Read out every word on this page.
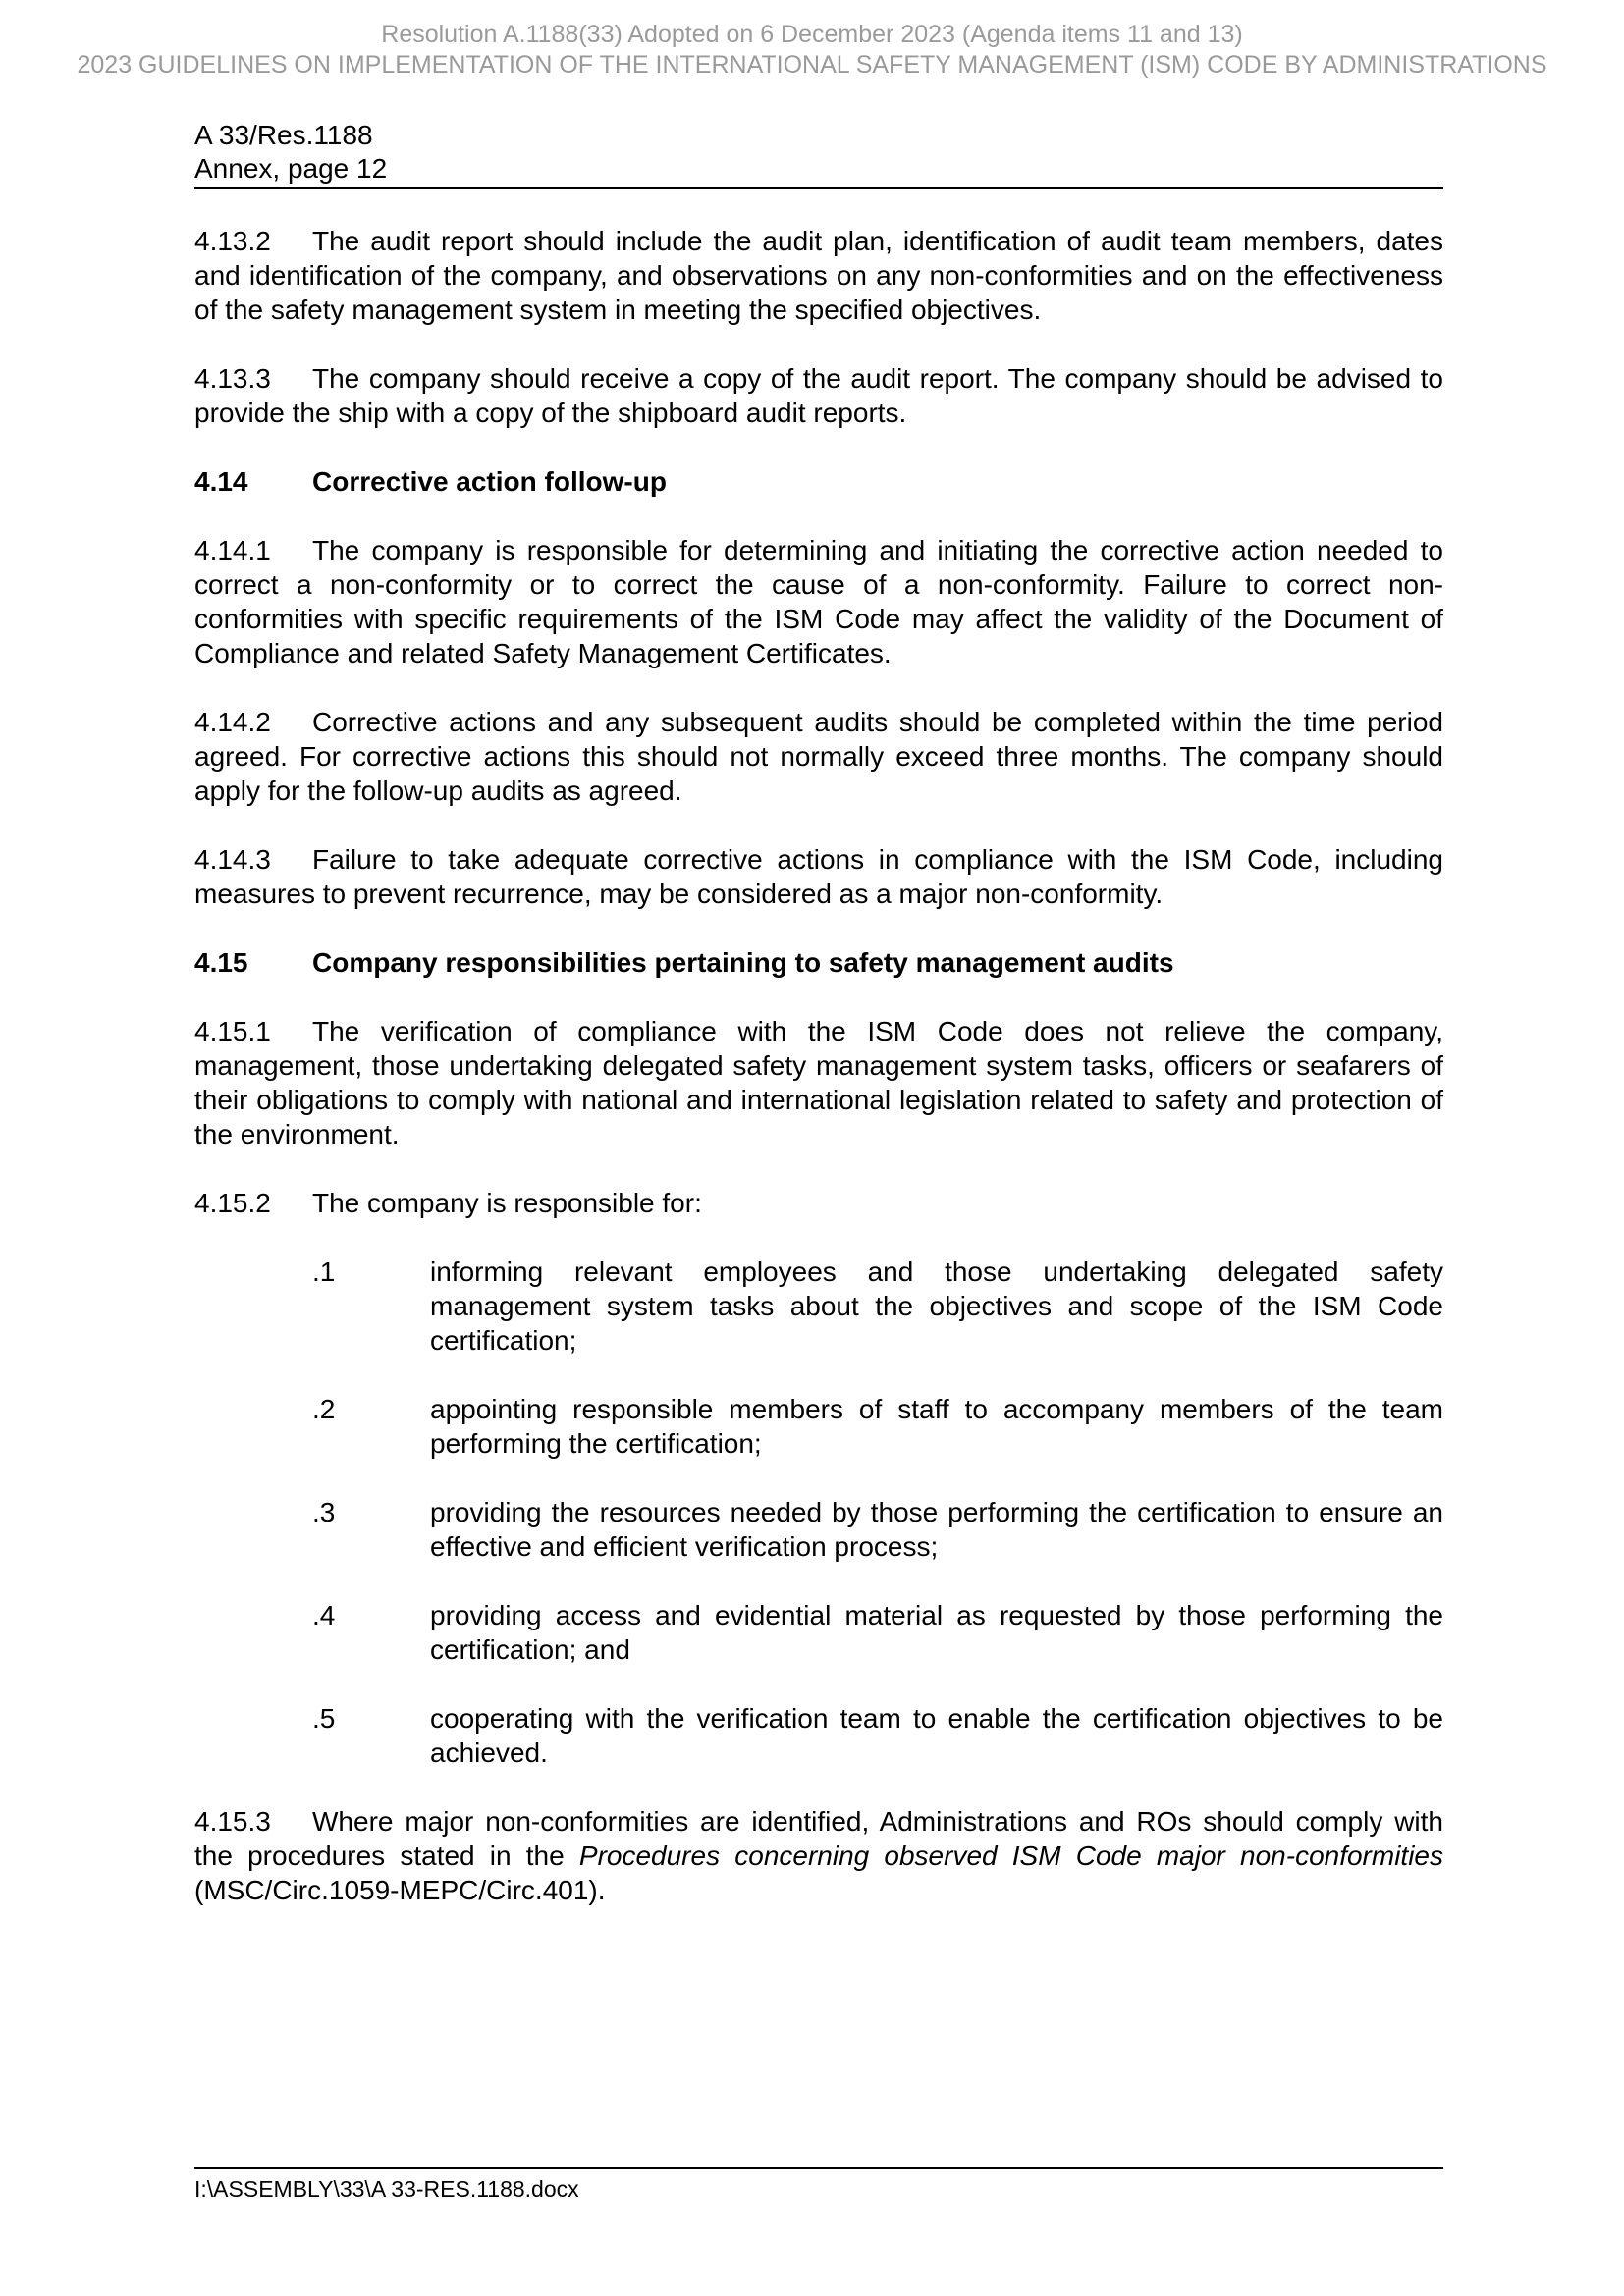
Resolution A.1188(33) Adopted on 6 December 2023 (Agenda items 11 and 13)
2023 GUIDELINES ON IMPLEMENTATION OF THE INTERNATIONAL SAFETY MANAGEMENT (ISM) CODE BY ADMINISTRATIONS
A 33/Res.1188
Annex, page 12

4.13.2 The audit report should include the audit plan, identification of audit team members, dates and identification of the company, and observations on any non-conformities and on the effectiveness of the safety management system in meeting the specified objectives.

4.13.3 The company should receive a copy of the audit report. The company should be advised to provide the ship with a copy of the shipboard audit reports.

4.14 Corrective action follow-up

4.14.1 The company is responsible for determining and initiating the corrective action needed to correct a non-conformity or to correct the cause of a non-conformity. Failure to correct non-conformities with specific requirements of the ISM Code may affect the validity of the Document of Compliance and related Safety Management Certificates.

4.14.2 Corrective actions and any subsequent audits should be completed within the time period agreed. For corrective actions this should not normally exceed three months. The company should apply for the follow-up audits as agreed.

4.14.3 Failure to take adequate corrective actions in compliance with the ISM Code, including measures to prevent recurrence, may be considered as a major non-conformity.

4.15 Company responsibilities pertaining to safety management audits

4.15.1 The verification of compliance with the ISM Code does not relieve the company, management, those undertaking delegated safety management system tasks, officers or seafarers of their obligations to comply with national and international legislation related to safety and protection of the environment.

4.15.2 The company is responsible for:

.1	informing relevant employees and those undertaking delegated safety management system tasks about the objectives and scope of the ISM Code certification;
.2	appointing responsible members of staff to accompany members of the team performing the certification;
.3	providing the resources needed by those performing the certification to ensure an effective and efficient verification process;
.4	providing access and evidential material as requested by those performing the certification; and
.5	cooperating with the verification team to enable the certification objectives to be achieved.

4.15.3 Where major non-conformities are identified, Administrations and ROs should comply with the procedures stated in the Procedures concerning observed ISM Code major non-conformities (MSC/Circ.1059-MEPC/Circ.401).

I:\ASSEMBLY\33\A 33-RES.1188.docx
